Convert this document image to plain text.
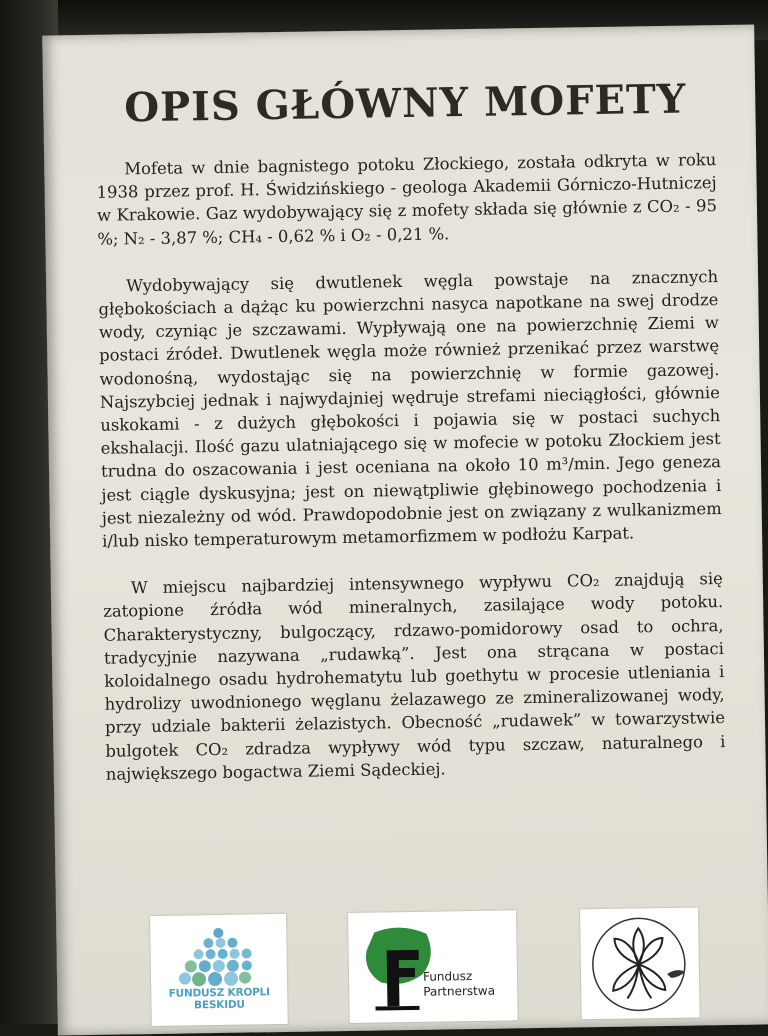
OPIS GŁÓWNY MOFETY

Mofeta w dnie bagnistego potoku Złockiego, została odkryta w roku 1938 przez prof. H. Świdzińskiego - geologa Akademii Górniczo-Hutniczej w Krakowie. Gaz wydobywający się z mofety składa się głównie z CO₂ - 95 %; N₂ - 3,87 %; CH₄ - 0,62 % i O₂ - 0,21 %.

Wydobywający się dwutlenek węgla powstaje na znacznych głębokościach a dążąc ku powierzchni nasyca napotkane na swej drodze wody, czyniąc je szczawami. Wypływają one na powierzchnię Ziemi w postaci źródeł. Dwutlenek węgla może również przenikać przez warstwę wodonośną, wydostając się na powierzchnię w formie gazowej. Najszybciej jednak i najwydajniej wędruje strefami nieciągłości, głównie uskokami - z dużych głębokości i pojawia się w postaci suchych ekshalacji. Ilość gazu ulatniającego się w mofecie w potoku Złockiem jest trudna do oszacowania i jest oceniana na około 10 m³/min. Jego geneza jest ciągle dyskusyjna; jest on niewątpliwie głębinowego pochodzenia i jest niezależny od wód. Prawdopodobnie jest on związany z wulkanizmem i/lub nisko temperaturowym metamorfizmem w podłożu Karpat.

W miejscu najbardziej intensywnego wypływu CO₂ znajdują się zatopione źródła wód mineralnych, zasilające wody potoku. Charakterystyczny, bulgoczący, rdzawo-pomidorowy osad to ochra, tradycyjnie nazywana „rudawką”. Jest ona strącana w postaci koloidalnego osadu hydrohematytu lub goethytu w procesie utleniania i hydrolizy uwodnionego węglanu żelazawego ze zmineralizowanej wody, przy udziale bakterii żelazistych. Obecność „rudawek” w towarzystwie bulgotek CO₂ zdradza wypływy wód typu szczaw, naturalnego i największego bogactwa Ziemi Sądeckiej.

FUNDUSZ KROPLI BESKIDU
Fundusz
Partnerstwa
